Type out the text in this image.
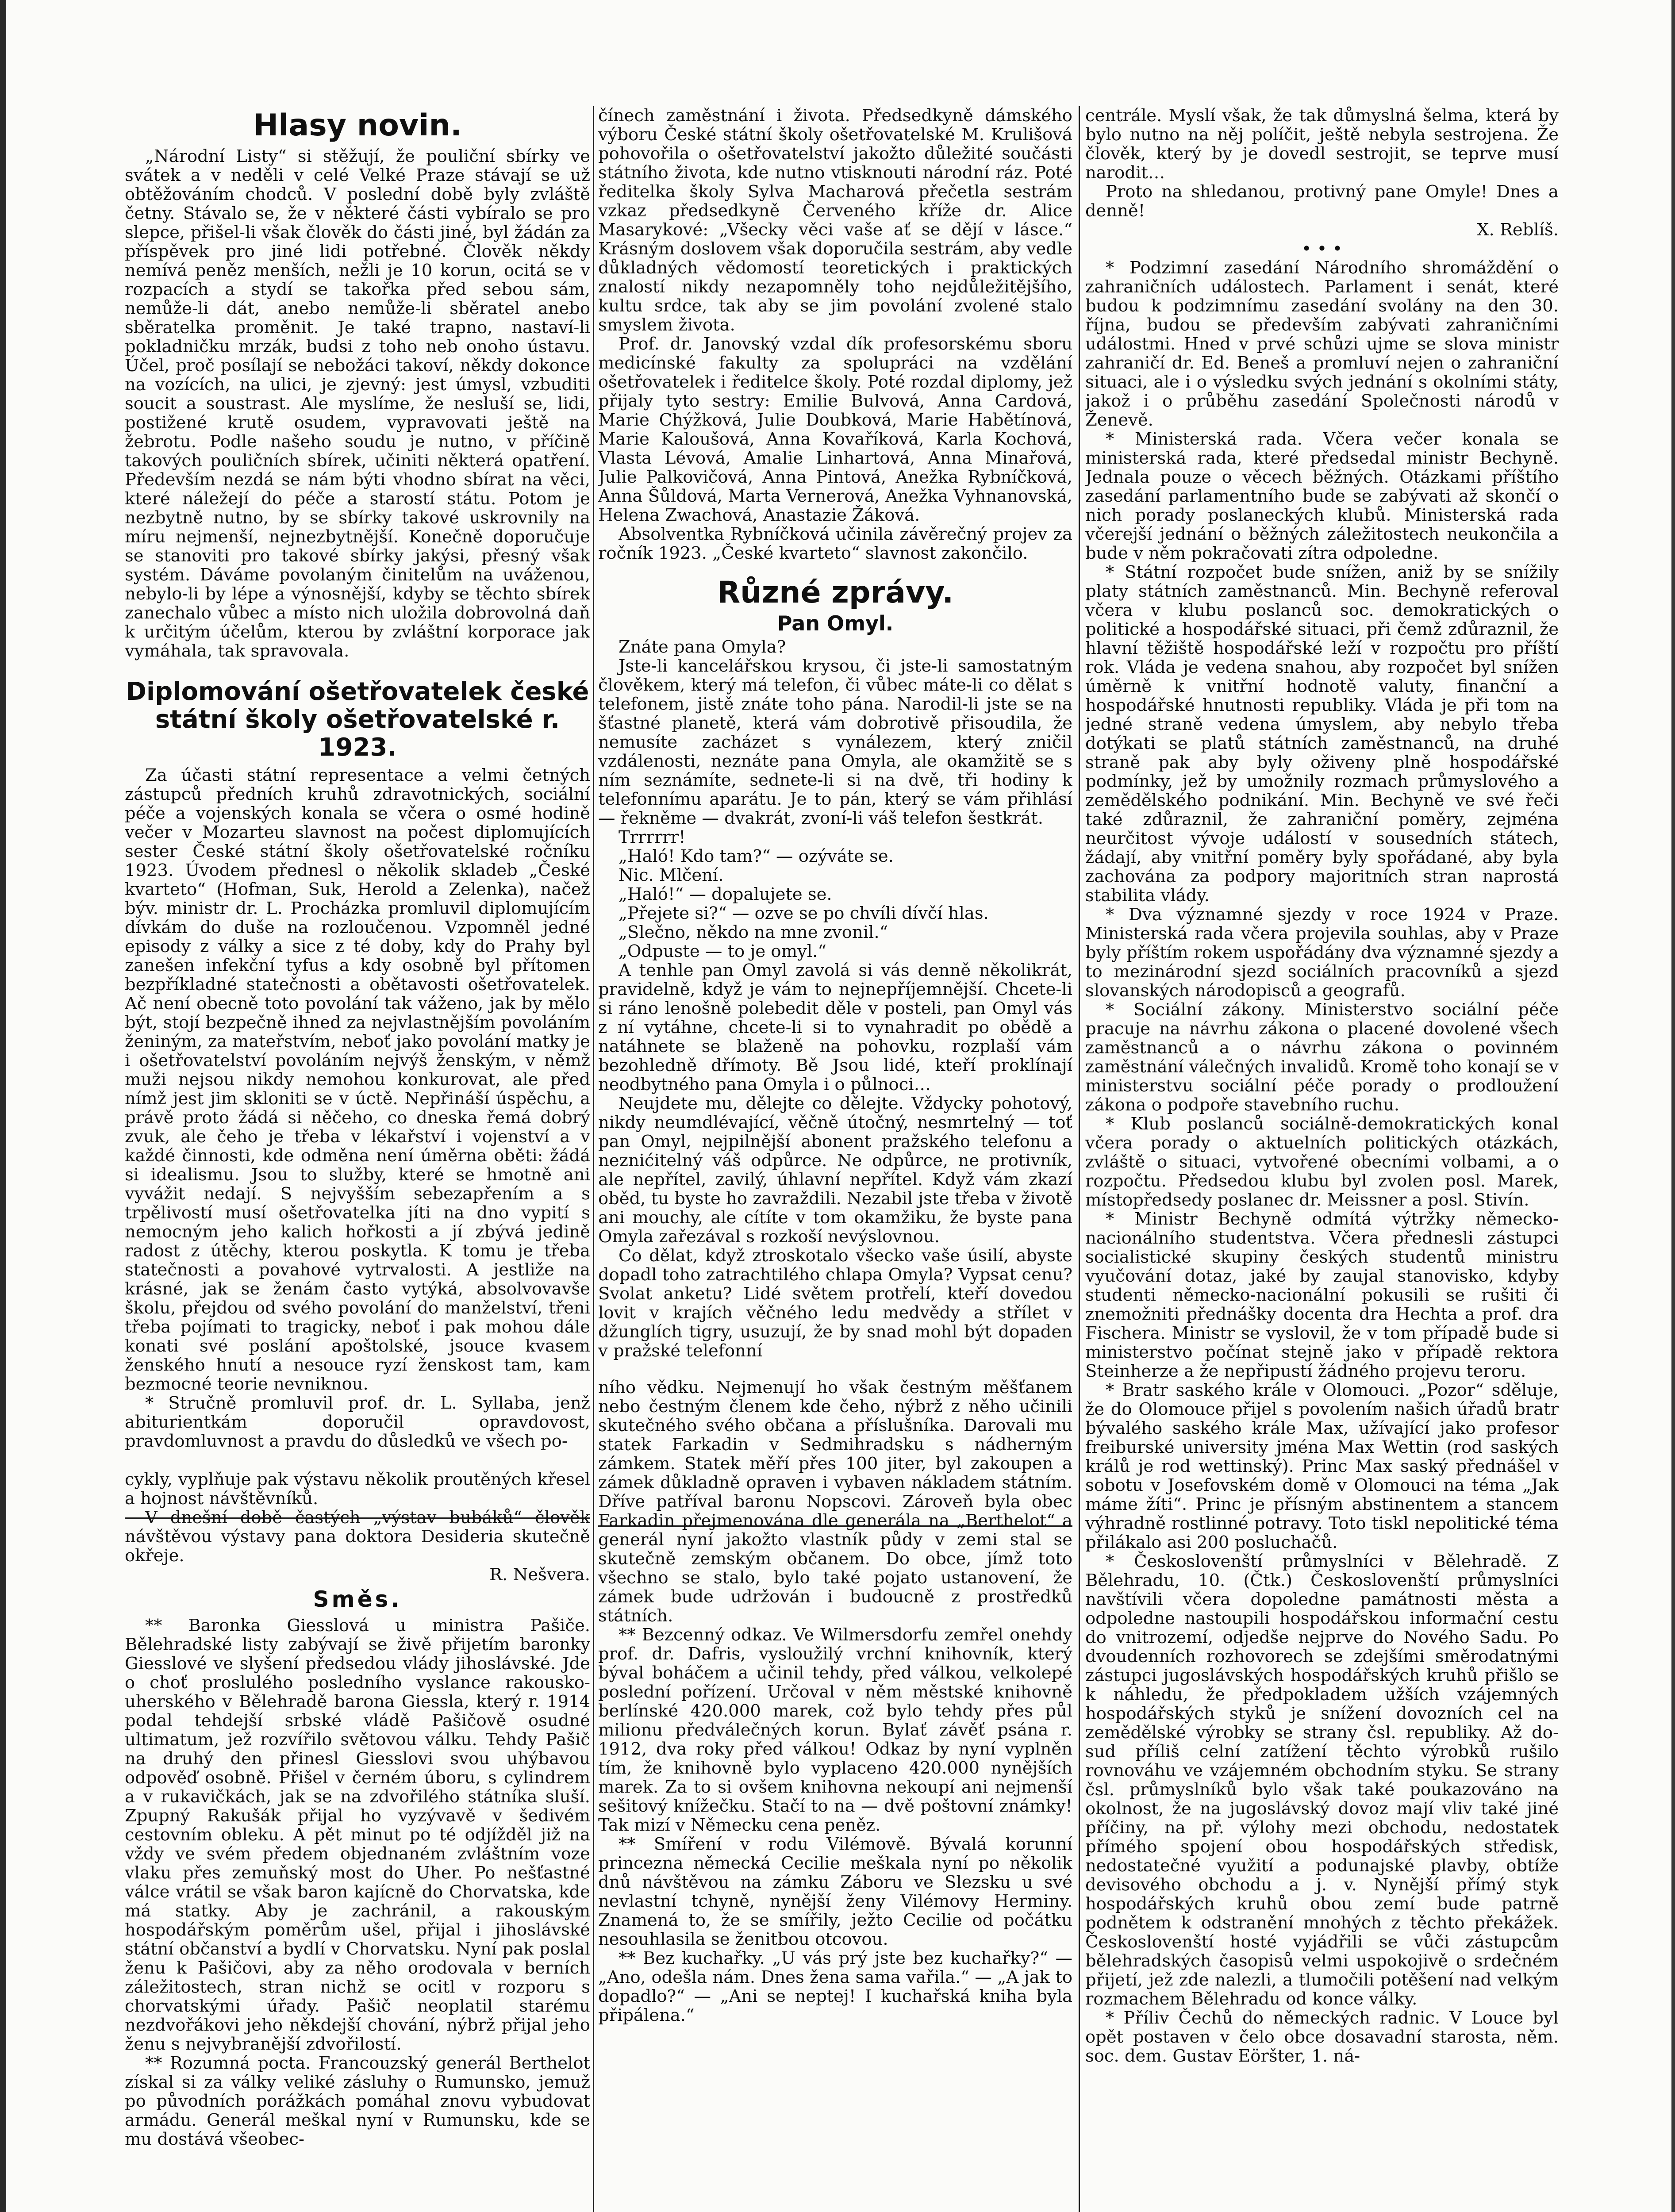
Hlasy novin.

„Národní Listy“ si stěžují, že pouliční sbírky ve svátek a v neděli v celé Velké Praze stávají se už obtěžováním chodců. V poslední době byly zvláště četny. Stávalo se, že v některé části vybíralo se pro slepce, přišel-li však člověk do části jiné, byl žádán za příspěvek pro jiné lidi potřebné. Člověk někdy nemívá peněz menších, nežli je 10 korun, ocitá se v rozpacích a stydí se takořka před sebou sám, nemůže-li dát, anebo nemůže-li sběratel anebo sběratelka proměnit. Je také trapno, nastaví-li pokladničku mrzák, budsi z toho neb onoho ústavu. Účel, proč posílají se nebožáci takoví, někdy dokonce na vozících, na ulici, je zjevný: jest úmysl, vzbuditi soucit a soustrast. Ale myslíme, že nesluší se, lidi, postižené krutě osudem, vypravovati ještě na žebrotu. Podle našeho soudu je nutno, v příčině takových pouličních sbírek, učiniti některá opatření. Především nezdá se nám býti vhodno sbírat na věci, které náležejí do péče a starostí státu. Potom je nezbytně nutno, by se sbírky takové uskrovnily na míru nejmenší, nejnezbytnější. Konečně doporučuje se stanoviti pro takové sbírky jakýsi, přesný však systém. Dáváme povolaným činitelům na uváženou, nebylo-li by lépe a výnosnější, kdyby se těchto sbírek zanechalo vůbec a místo nich uložila dobrovolná daň k určitým účelům, kterou by zvláštní korporace jak vymáhala, tak spravovala.

Diplomování ošetřovatelek české státní školy ošetřovatelské r. 1923.

Za účasti státní representace a velmi četných zástupců předních kruhů zdravotnických, sociální péče a vojenských konala se včera o osmé hodině večer v Mozarteu slavnost na počest diplomujících sester České státní školy ošetřovatelské ročníku 1923. Úvodem přednesl o několik skladeb „České kvarteto“ (Hofman, Suk, Herold a Zelenka), načež býv. ministr dr. L. Procházka promluvil diplomujícím dívkám do duše na rozloučenou. Vzpomněl jedné episody z války a sice z té doby, kdy do Prahy byl zanešen infekční tyfus a kdy osobně byl přítomen bezpříkladné statečnosti a obětavosti ošetřovatelek. Ač není obecně toto povolání tak váženo, jak by mělo být, stojí bezpečně ihned za nejvlastnějším povoláním ženiným, za mateřstvím, neboť jako povolání matky je i ošetřovatelství povoláním nejvýš ženským, v němž muži nejsou nikdy nemohou konkurovat, ale před nímž jest jim skloniti se v úctě. Nepřináší úspěchu, a právě proto žádá si něčeho, co dneska řemá dobrý zvuk, ale čeho je třeba v lékařství i vojenství a v každé činnosti, kde odměna není úměrna oběti: žádá si idealismu. Jsou to služby, které se hmotně ani vyvážit nedají. S nejvyšším sebezapřením a s trpělivostí musí ošetřovatelka jíti na dno vypití s nemocným jeho kalich hořkosti a jí zbývá jedině radost z útěchy, kterou poskytla. K tomu je třeba statečnosti a povahové vytrvalosti. A jestliže na krásné, jak se ženám často vytýká, absolvovavše školu, přejdou od svého povolání do manželství, třeni třeba pojímati to tragicky, neboť i pak mohou dále konati své poslání apoštolské, jsouce kvasem ženského hnutí a nesouce ryzí ženskost tam, kam bezmocné teorie nevniknou.

* Stručně promluvil prof. dr. L. Syllaba, jenž abiturientkám doporučil opravdovost, pravdomluvnost a pravdu do důsledků ve všech po-

cykly, vyplňuje pak výstavu několik proutěných křesel a hojnost návštěvníků.

V dnešní době častých „výstav bubáků“ člověk návštěvou výstavy pana doktora Desideria skutečně okřeje.

R. Nešvera.

Směs.

** Baronka Giesslová u ministra Pašiče. Bělehradské listy zabývají se živě přijetím baronky Giesslové ve slyšení předsedou vlády jihoslávské. Jde o choť proslulého posledního vyslance rakousko-uherského v Bělehradě barona Giessla, který r. 1914 podal tehdejší srbské vládě Pašičově osudné ultimatum, jež rozvířilo světovou válku. Tehdy Pašič na druhý den přinesl Giesslovi svou uhýbavou odpověď osobně. Přišel v černém úboru, s cylindrem a v rukavičkách, jak se na zdvořilého státníka sluší. Zpupný Rakušák přijal ho vyzývavě v šedivém cestovním obleku. A pět minut po té odjížděl již na vždy ve svém předem objednaném zvláštním voze vlaku přes zemuňský most do Uher. Po nešťastné válce vrátil se však baron kajícně do Chorvatska, kde má statky. Aby je zachránil, a rakouským hospodářským poměrům ušel, přijal i jihoslávské státní občanství a bydlí v Chorvatsku. Nyní pak poslal ženu k Pašičovi, aby za něho orodovala v berních záležitostech, stran nichž se ocitl v rozporu s chorvatskými úřady. Pašič neoplatil starému nezdvořákovi jeho někdejší chování, nýbrž přijal jeho ženu s nejvybranější zdvořilostí.

** Rozumná pocta. Francouzský generál Berthelot získal si za války veliké zásluhy o Rumunsko, jemuž po původních porážkách pomáhal znovu vybudovat armádu. Generál meškal nyní v Rumunsku, kde se mu dostává všeobec-

čínech zaměstnání i života. Předsedkyně dámského výboru České státní školy ošetřovatelské M. Krulišová pohovořila o ošetřovatelství jakožto důležité součásti státního života, kde nutno vtisknouti národní ráz. Poté ředitelka školy Sylva Macharová přečetla sestrám vzkaz předsedkyně Červeného kříže dr. Alice Masarykové: „Všecky věci vaše ať se dějí v lásce.“ Krásným doslovem však doporučila sestrám, aby vedle důkladných vědomostí teoretických i praktických znalostí nikdy nezapomněly toho nejdůležitějšího, kultu srdce, tak aby se jim povolání zvolené stalo smyslem života.

Prof. dr. Janovský vzdal dík profesorskému sboru medicínské fakulty za spolupráci na vzdělání ošetřovatelek i ředitelce školy. Poté rozdal diplomy, jež přijaly tyto sestry: Emilie Bulvová, Anna Cardová, Marie Chýžková, Julie Doubková, Marie Habětínová, Marie Kaloušová, Anna Kovaříková, Karla Kochová, Vlasta Lévová, Amalie Linhartová, Anna Minařová, Julie Palkovičová, Anna Pintová, Anežka Rybníčková, Anna Šůldová, Marta Vernerová, Anežka Vyhnanovská, Helena Zwachová, Anastazie Žáková.

Absolventka Rybníčková učinila závěrečný projev za ročník 1923. „České kvarteto“ slavnost zakončilo.

Různé zprávy.
Pan Omyl.

Znáte pana Omyla?

Jste-li kancelářskou krysou, či jste-li samostatným člověkem, který má telefon, či vůbec máte-li co dělat s telefonem, jistě znáte toho pána. Narodil-li jste se na šťastné planetě, která vám dobrotivě přisoudila, že nemusíte zacházet s vynálezem, který zničil vzdálenosti, neznáte pana Omyla, ale okamžitě se s ním seznámíte, sednete-li si na dvě, tři hodiny k telefonnímu aparátu. Je to pán, který se vám přihlásí — řekněme — dvakrát, zvoní-li váš telefon šestkrát.

Trrrrrr!

„Haló! Kdo tam?“ — ozýváte se.

Nic. Mlčení.

„Haló!“ — dopalujete se.

„Přejete si?“ — ozve se po chvíli dívčí hlas.

„Slečno, někdo na mne zvonil.“

„Odpuste — to je omyl.“

A tenhle pan Omyl zavolá si vás denně několikrát, pravidelně, když je vám to nejnepříjemnější. Chcete-li si ráno lenošně polebedit děle v posteli, pan Omyl vás z ní vytáhne, chcete-li si to vynahradit po obědě a natáhnete se blaženě na pohovku, rozplaší vám bezohledně dřímoty. Bě Jsou lidé, kteří proklínají neodbytného pana Omyla i o půlnoci…

Neujdete mu, dělejte co dělejte. Vždycky pohotový, nikdy neumdlévající, věčně útočný, nesmrtelný — toť pan Omyl, nejpilnější abonent pražského telefonu a neznićitelný váš odpůrce. Ne odpůrce, ne protivník, ale nepřítel, zavilý, úhlavní nepřítel. Když vám zkazí oběd, tu byste ho zavraždili. Nezabil jste třeba v životě ani mouchy, ale cítíte v tom okamžiku, že byste pana Omyla zařezával s rozkoší nevýslovnou.

Co dělat, když ztroskotalo všecko vaše úsilí, abyste dopadl toho zatrachtilého chlapa Omyla? Vypsat cenu? Svolat anketu? Lidé světem protřelí, kteří dovedou lovit v krajích věčného ledu medvědy a střílet v džunglích tigry, usuzují, že by snad mohl být dopaden v pražské telefonní

ního vědku. Nejmenují ho však čestným měšťanem nebo čestným členem kde čeho, nýbrž z něho učinili skutečného svého občana a příslušníka. Darovali mu statek Farkadin v Sedmihradsku s nádherným zámkem. Statek měří přes 100 jiter, byl zakoupen a zámek důkladně opraven i vybaven nákladem státním. Dříve patříval baronu Nopscovi. Zároveň byla obec Farkadin přejmenována dle generála na „Berthelot“ a generál nyní jakožto vlastník půdy v zemi stal se skutečně zemským občanem. Do obce, jímž toto všechno se stalo, bylo také pojato ustanovení, že zámek bude udržován i budoucně z prostředků státních.

** Bezcenný odkaz. Ve Wilmersdorfu zemřel onehdy prof. dr. Dafris, vysloužilý vrchní knihovník, který býval boháčem a učinil tehdy, před válkou, velkolepé poslední pořízení. Určoval v něm městské knihovně berlínské 420.000 marek, což bylo tehdy přes půl milionu předválečných korun. Bylať závěť psána r. 1912, dva roky před válkou! Odkaz by nyní vyplněn tím, že knihovně bylo vyplaceno 420.000 nynějších marek. Za to si ovšem knihovna nekoupí ani nejmenší sešitový knížečku. Stačí to na — dvě poštovní známky! Tak mizí v Německu cena peněz.

** Smíření v rodu Vilémově. Bývalá korunní princezna německá Cecilie meškala nyní po několik dnů návštěvou na zámku Záboru ve Slezsku u své nevlastní tchyně, nynější ženy Vilémovy Herminy. Znamená to, že se smířily, ježto Cecilie od počátku nesouhlasila se ženitbou otcovou.

** Bez kuchařky. „U vás prý jste bez kuchařky?“ — „Ano, odešla nám. Dnes žena sama vařila.“ — „A jak to dopadlo?“ — „Ani se neptej! I kuchařská kniha byla připálena.“

centrále. Myslí však, že tak důmyslná šelma, která by bylo nutno na něj políčit, ještě nebyla sestrojena. Že člověk, který by je dovedl sestrojit, se teprve musí narodit…

Proto na shledanou, protivný pane Omyle! Dnes a denně!

X. Reblíš.

• • •

* Podzimní zasedání Národního shromáždění o zahraničních událostech. Parlament i senát, které budou k podzimnímu zasedání svolány na den 30. října, budou se především zabývati zahraničními událostmi. Hned v prvé schůzi ujme se slova ministr zahraničí dr. Ed. Beneš a promluví nejen o zahraniční situaci, ale i o výsledku svých jednání s okolními státy, jakož i o průběhu zasedání Společnosti národů v Ženevě.

* Ministerská rada. Včera večer konala se ministerská rada, které předsedal ministr Bechyně. Jednala pouze o věcech běžných. Otázkami příštího zasedání parlamentního bude se zabývati až skončí o nich porady poslaneckých klubů. Ministerská rada včerejší jednání o běžných záležitostech neukončila a bude v něm pokračovati zítra odpoledne.

* Státní rozpočet bude snížen, aniž by se snížily platy státních zaměstnanců. Min. Bechyně referoval včera v klubu poslanců soc. demokratických o politické a hospodářské situaci, při čemž zdůraznil, že hlavní těžiště hospodářské leží v rozpočtu pro příští rok. Vláda je vedena snahou, aby rozpočet byl snížen úměrně k vnitřní hodnotě valuty, finanční a hospodářské hnutnosti republiky. Vláda je při tom na jedné straně vedena úmyslem, aby nebylo třeba dotýkati se platů státních zaměstnanců, na druhé straně pak aby byly oživeny plně hospodářské podmínky, jež by umožnily rozmach průmyslového a zemědělského podnikání. Min. Bechyně ve své řeči také zdůraznil, že zahraniční poměry, zejména neurčitost vývoje událostí v sousedních státech, žádají, aby vnitřní poměry byly spořádané, aby byla zachována za podpory majoritních stran naprostá stabilita vlády.

* Dva významné sjezdy v roce 1924 v Praze. Ministerská rada včera projevila souhlas, aby v Praze byly příštím rokem uspořádány dva významné sjezdy a to mezinárodní sjezd sociálních pracovníků a sjezd slovanských národopisců a geografů.

* Sociální zákony. Ministerstvo sociální péče pracuje na návrhu zákona o placené dovolené všech zaměstnanců a o návrhu zákona o povinném zaměstnání válečných invalidů. Kromě toho konají se v ministerstvu sociální péče porady o prodloužení zákona o podpoře stavebního ruchu.

* Klub poslanců sociálně-demokratických konal včera porady o aktuelních politických otázkách, zvláště o situaci, vytvořené obecními volbami, a o rozpočtu. Předsedou klubu byl zvolen posl. Marek, místopředsedy poslanec dr. Meissner a posl. Stivín.

* Ministr Bechyně odmítá výtržky německo-nacionálního studentstva. Včera přednesli zástupci socialistické skupiny českých studentů ministru vyučování dotaz, jaké by zaujal stanovisko, kdyby studenti německo-nacionální pokusili se rušiti či znemožniti přednášky docenta dra Hechta a prof. dra Fischera. Ministr se vyslovil, že v tom případě bude si ministerstvo počínat stejně jako v případě rektora Steinherze a že nepřipustí žádného projevu teroru.

* Bratr saského krále v Olomouci. „Pozor“ sděluje, že do Olomouce přijel s povolením našich úřadů bratr bývalého saského krále Max, užívající jako profesor freiburské university jména Max Wettin (rod saských králů je rod wettinský). Princ Max saský přednášel v sobotu v Josefovském domě v Olomouci na téma „Jak máme žíti“. Princ je přísným abstinentem a stancem výhradně rostlinné potravy. Toto tiskl nepolitické téma přilákalo asi 200 posluchačů.

* Českoslovenští průmyslníci v Bělehradě. Z Bělehradu, 10. (Čtk.) Českoslovenští průmyslníci navštívili včera dopoledne památnosti města a odpoledne nastoupili hospodářskou informační cestu do vnitrozemí, odjedše nejprve do Nového Sadu. Po dvoudenních rozhovorech se zdejšími směrodatnými zástupci jugoslávských hospodářských kruhů přišlo se k náhledu, že předpokladem užších vzájemných hospodářských styků je snížení dovozních cel na zemědělské výrobky se strany čsl. republiky. Až do-sud příliš celní zatížení těchto výrobků rušilo rovnováhu ve vzájemném obchodním styku. Se strany čsl. průmyslníků bylo však také poukazováno na okolnost, že na jugoslávský dovoz mají vliv také jiné příčiny, na př. výlohy mezi obchodu, nedostatek přímého spojení obou hospodářských středisk, nedostatečné využití a podunajské plavby, obtíže devisového obchodu a j. v. Nynější přímý styk hospodářských kruhů obou zemí bude patrně podnětem k odstranění mnohých z těchto překážek. Českoslovenští hosté vyjádřili se vůči zástupcům bělehradských časopisů velmi uspokojivě o srdečném přijetí, jež zde nalezli, a tlumočili potěšení nad velkým rozmachem Bělehradu od konce války.

* Příliv Čechů do německých radnic. V Louce byl opět postaven v čelo obce dosavadní starosta, něm. soc. dem. Gustav Eöršter, 1. ná-
